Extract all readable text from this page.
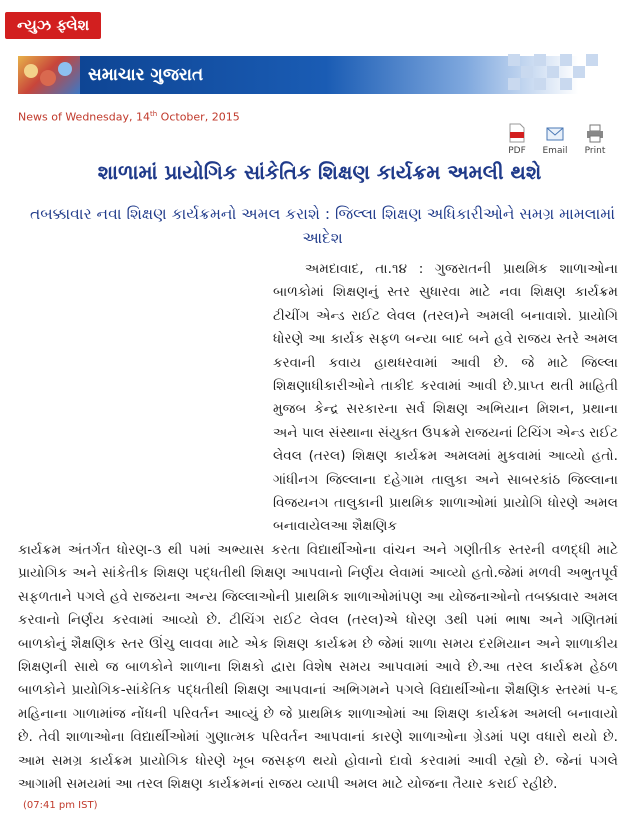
ન્યુઝ ફ્લેશ
સમાચાર ગુજરાત
News of Wednesday, 14th October, 2015
PDF	Email	Print
શાળામાં પ્રાયોગિક સાંકેતિક શિક્ષણ કાર્યક્રમ અમલી થશે
તબક્કાવાર નવા શિક્ષણ કાર્યક્રમનો અમલ કરાશે : જિલ્લા શિક્ષણ અધિકારીઓને સમગ્ર મામલામાં આદેશ
અમદાવાદ, તા.૧૪ : ગુજરાતની પ્રાથમિક શાળાઓના બાળકોમાં શિક્ષણનું સ્તર સુધારવા માટે નવા શિક્ષણ કાર્યક્રમ ટીચીંગ એન્ડ રાઈટ લેવલ (તરલ)ને અમલી બનાવાશે. પ્રાયોગિ ધોરણે આ કાર્યક સફળ બન્યા બાદ બને હવે રાજય સ્તરે અમલ કરવાની કવાય હાથધરવામાં આવી છે. જે માટે જિલ્લા શિક્ષણાધીકારીઓને તાકીદ કરવામાં આવી છે.પ્રાપ્ત થતી માહિતી મુજબ કેન્દ્ર સરકારના સર્વ શિક્ષણ અભિયાન મિશન, પ્રથાના અને પાલ સંસ્થાના સંયુક્ત ઉપક્રમે રાજયનાં ટિચિંગ એન્ડ રાઈટ લેવલ (તરલ) શિક્ષણ કાર્યક્રમ અમલમાં મુકવામાં આવ્યો હતો. ગાંધીનગ જિલ્લાના દહેગામ તાલુકા અને સાબરકાંઠ જિલ્લાના વિજયનગ તાલુકાની પ્રાથમિક શાળાઓમાં પ્રાયોગિ ધોરણે અમલ બનાવાયેલઆ શૈક્ષણિક
કાર્યક્રમ અંતર્ગત ધોરણ-૩ થી ૫માં અભ્યાસ કરતા વિદ્યાર્થીઓના વાંચન અને ગણીતીક સ્તરની વળદ્ધી માટે પ્રાયોગિક અને સાંકેતીક શિક્ષણ પદ્ધતીથી શિક્ષણ આપવાનો નિર્ણય લેવામાં આવ્યો હતો.જેમાં મળવી અભુતપૂર્વ સફળતાને પગલે હવે રાજયના અન્ય જિલ્લાઓની પ્રાથમિક શાળાઓમાંપણ આ યોજનાઓનો તબક્કાવાર અમલ કરવાનો નિર્ણય કરવામાં આવ્યો છે. ટીચિંગ રાઈટ લેવલ (તરલ)એ ધોરણ ૩થી ૫માં ભાષા અને ગણિતમાં બાળકોનું શૈક્ષણિક સ્તર ઊંચુ લાવવા માટે એક શિક્ષણ કાર્યક્રમ છે જેમાં શાળા સમય દરમિયાન અને શાળાકીય શિક્ષણની સાથે જ બાળકોને શાળાના શિક્ષકો દ્વારા વિશેષ સમય આપવામાં આવે છે.આ તરલ કાર્યક્રમ હેઠળ બાળકોને પ્રાયોગિક-સાંકેતિક પદ્ધતીથી શિક્ષણ આપવાનાં અભિગમને પગલે વિદ્યાર્થીઓના શૈક્ષણિક સ્તરમાં ૫-૬ મહિનાના ગાળામાંજ નોંધની પરિવર્તન આવ્યું છે જે પ્રાથમિક શાળાઓમાં આ શિક્ષણ કાર્યક્રમ અમલી બનાવાયો છે. તેવી શાળાઓના વિદ્યાર્થીઓમાં ગુણાત્મક પરિવર્તન આપવાનાં કારણે શાળાઓના ગ્રેડમાં પણ વધારો થયો છે. આમ સમગ્ર કાર્યક્રમ પ્રાયોગિક ધોરણે ખૂબ જસફળ થયો હોવાનો દાવો કરવામાં આવી રહ્યો છે. જેનાં પગલે આગામી સમયમાં આ તરલ શિક્ષણ કાર્યક્રમનાં રાજય વ્યાપી અમલ માટે યોજના તૈયાર કરાઈ રહીછે.
(07:41 pm IST)
